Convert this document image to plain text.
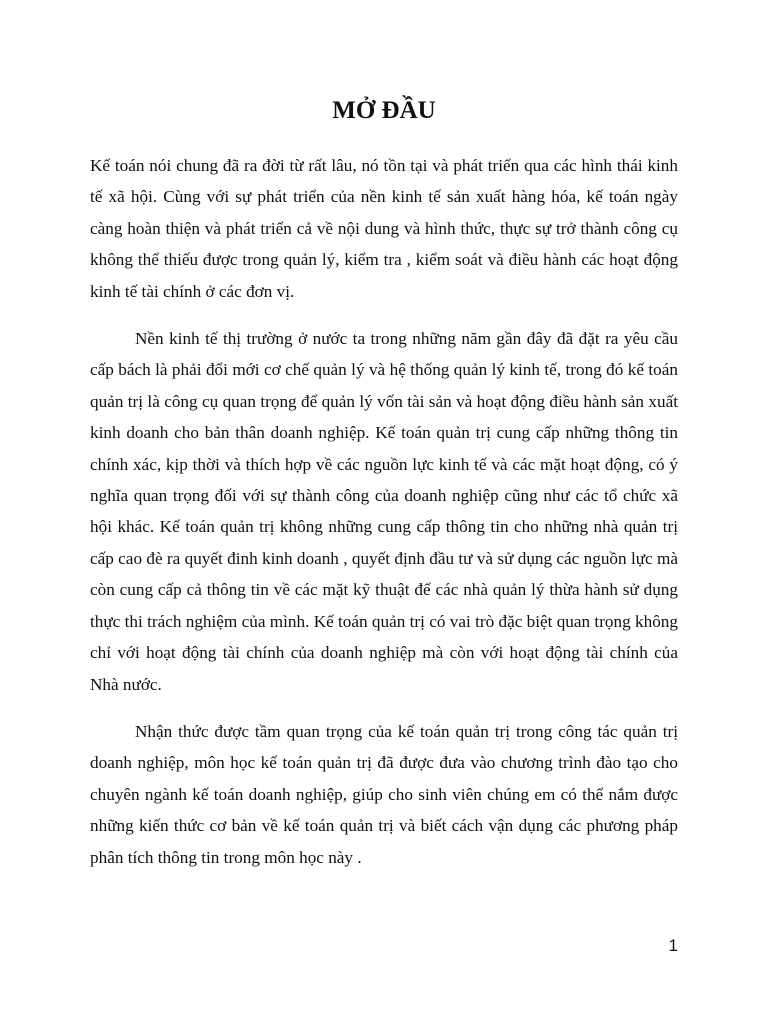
MỞ ĐẦU

Kế toán nói chung đã ra đời từ rất lâu, nó tồn tại và phát triển qua các hình thái kinh tế xã hội. Cùng với sự phát triển của nền kinh tế sản xuất hàng hóa, kế toán ngày càng hoàn thiện và phát triển cả về nội dung và hình thức, thực sự trở thành công cụ không thể thiếu được trong quản lý, kiểm tra , kiểm soát và điều hành các hoạt động kinh tế tài chính ở các đơn vị.

Nền kinh tế thị trường ở nước ta trong những năm gần đây đã đặt ra yêu cầu cấp bách là phải đổi mới cơ chế quản lý và hệ thống quản lý kinh tế, trong đó kế toán quản trị là công cụ quan trọng để quản lý vốn tài sản và hoạt động điều hành sản xuất kinh doanh cho bản thân doanh nghiệp. Kế toán quản trị cung cấp những thông tin chính xác, kịp thời và thích hợp về các nguồn lực kinh tế và các mặt hoạt động, có ý nghĩa quan trọng đối với sự thành công của doanh nghiệp cũng như các tổ chức xã hội khác. Kế toán quản trị không những cung cấp thông tin cho những nhà quản trị cấp cao đè ra quyết đinh kinh doanh , quyết định đầu tư và sử dụng các nguồn lực mà còn cung cấp cả thông tin về các mặt kỹ thuật để các nhà quản lý thừa hành sử dụng thực thi trách nghiệm của mình. Kế toán quản trị có vai trò đặc biệt quan trọng không chỉ với hoạt động tài chính của doanh nghiệp mà còn với hoạt động tài chính của Nhà nước.

Nhận thức được tầm quan trọng của kế toán quản trị trong công tác quản trị doanh nghiệp, môn học kế toán quản trị đã được đưa vào chương trình đào tạo cho chuyên ngành kế toán doanh nghiệp, giúp cho sinh viên chúng em có thể nắm được những kiến thức cơ bản về kế toán quản trị và biết cách vận dụng các phương pháp phân tích thông tin trong môn học này .

1
